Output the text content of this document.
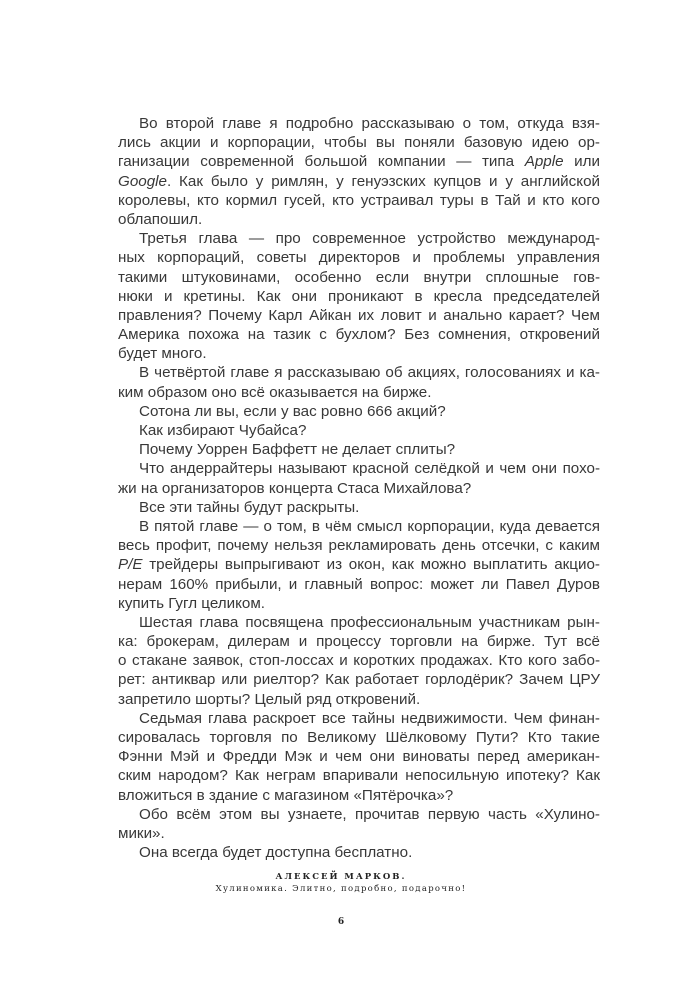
Во второй главе я подробно рассказываю о том, откуда взя-
лись акции и корпорации, чтобы вы поняли базовую идею ор-
ганизации современной большой компании — типа Apple или
Google. Как было у римлян, у генуэзских купцов и у английской
королевы, кто кормил гусей, кто устраивал туры в Тай и кто кого
облапошил.
Третья глава — про современное устройство международ-
ных корпораций, советы директоров и проблемы управления
такими штуковинами, особенно если внутри сплошные гов-
нюки и кретины. Как они проникают в кресла председателей
правления? Почему Карл Айкан их ловит и анально карает? Чем
Америка похожа на тазик с бухлом? Без сомнения, откровений
будет много.
В четвёртой главе я рассказываю об акциях, голосованиях и ка-
ким образом оно всё оказывается на бирже.
Сотона ли вы, если у вас ровно 666 акций?
Как избирают Чубайса?
Почему Уоррен Баффетт не делает сплиты?
Что андеррайтеры называют красной селёдкой и чем они похо-
жи на организаторов концерта Стаса Михайлова?
Все эти тайны будут раскрыты.
В пятой главе — о том, в чём смысл корпорации, куда девается
весь профит, почему нельзя рекламировать день отсечки, с каким
P/E трейдеры выпрыгивают из окон, как можно выплатить акцио-
нерам 160% прибыли, и главный вопрос: может ли Павел Дуров
купить Гугл целиком.
Шестая глава посвящена профессиональным участникам рын-
ка: брокерам, дилерам и процессу торговли на бирже. Тут всё
о стакане заявок, стоп-лоссах и коротких продажах. Кто кого забо-
рет: антиквар или риелтор? Как работает горлодёрик? Зачем ЦРУ
запретило шорты? Целый ряд откровений.
Седьмая глава раскроет все тайны недвижимости. Чем финан-
сировалась торговля по Великому Шёлковому Пути? Кто такие
Фэнни Мэй и Фредди Мэк и чем они виноваты перед американ-
ским народом? Как неграм впаривали непосильную ипотеку? Как
вложиться в здание с магазином «Пятёрочка»?
Обо всём этом вы узнаете, прочитав первую часть «Хулино-
мики».
Она всегда будет доступна бесплатно.
АЛЕКСЕЙ МАРКОВ.
Хулиномика. Элитно, подробно, подарочно!
6
